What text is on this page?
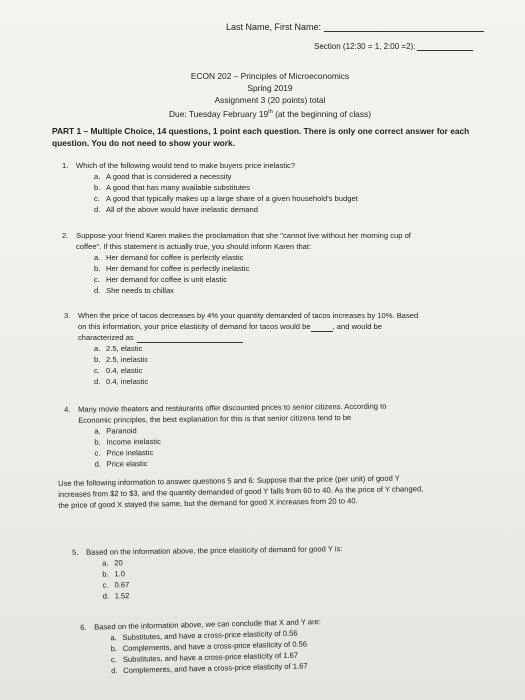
Last Name, First Name:
Section (12:30 = 1, 2:00 =2):
ECON 202 – Principles of Microeconomics
Spring 2019
Assignment 3 (20 points) total
Due: Tuesday February 19th (at the beginning of class)
PART 1 – Multiple Choice, 14 questions, 1 point each question. There is only one correct answer for each question. You do not need to show your work.
1. Which of the following would tend to make buyers price inelastic?
a. A good that is considered a necessity
b. A good that has many available substitutes
c. A good that typically makes up a large share of a given household's budget
d. All of the above would have inelastic demand
2. Suppose your friend Karen makes the proclamation that she "cannot live without her morning cup of
coffee". If this statement is actually true, you should inform Karen that:
a. Her demand for coffee is perfectly elastic
b. Her demand for coffee is perfectly inelastic
c. Her demand for coffee is unit elastic
d. She needs to chillax
3. When the price of tacos decreases by 4% your quantity demanded of tacos increases by 10%. Based
on this information, your price elasticity of demand for tacos would be	, and would be
characterized as
a. 2.5, elastic
b. 2.5, inelastic
c. 0.4, elastic
d. 0.4, inelastic
4. Many movie theaters and restaurants offer discounted prices to senior citizens. According to
Economic principles, the best explanation for this is that senior citizens tend to be
a. Paranoid
b. Income inelastic
c. Price inelastic
d. Price elastic
Use the following information to answer questions 5 and 6: Suppose that the price (per unit) of good Y
increases from $2 to $3, and the quantity demanded of good Y falls from 60 to 40. As the price of Y changed,
the price of good X stayed the same, but the demand for good X increases from 20 to 40.
5. Based on the information above, the price elasticity of demand for good Y is:
a. 20
b. 1.0
c. 0.67
d. 1.52
6. Based on the information above, we can conclude that X and Y are:
a. Substitutes, and have a cross-price elasticity of 0.56
b. Complements, and have a cross-price elasticity of 0.56
c. Substitutes, and have a cross-price elasticity of 1.67
d. Complements, and have a cross-price elasticity of 1.67
